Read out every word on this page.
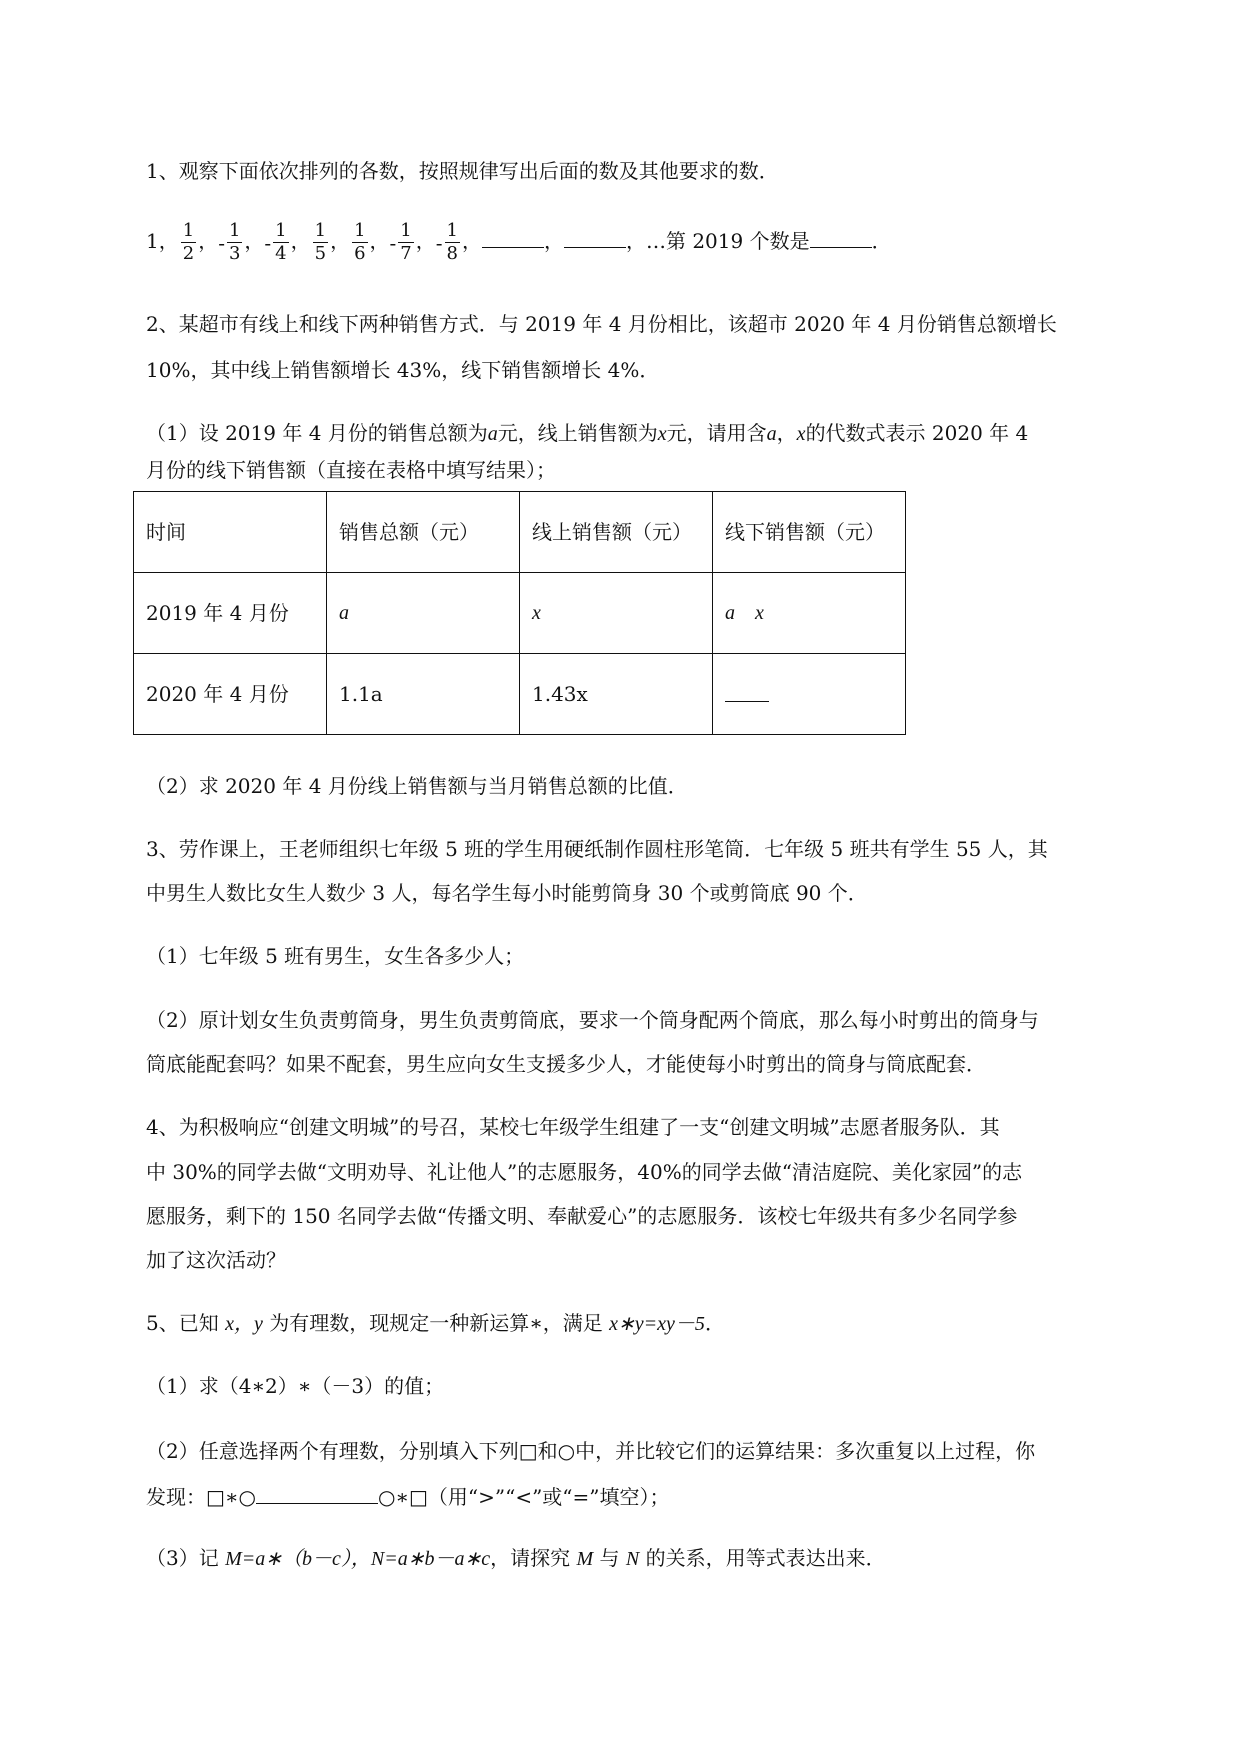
1、观察下面依次排列的各数，按照规律写出后面的数及其他要求的数．
1， $\frac{1}{2}$ ，- $\frac{1}{3}$ ，- $\frac{1}{4}$ ， $\frac{1}{5}$ ， $\frac{1}{6}$ ，- $\frac{1}{7}$ ，- $\frac{1}{8}$ ，	，	，…第 2019 个数是	．
2、某超市有线上和线下两种销售方式．与 2019 年 4 月份相比，该超市 2020 年 4 月份销售总额增长
10%，其中线上销售额增长 43%，线下销售额增长 4%．
（1）设 2019 年 4 月份的销售总额为a元，线上销售额为x元，请用含a，x的代数式表示 2020 年 4
月份的线下销售额（直接在表格中填写结果）；
时间	销售总额（元）	线上销售额（元）	线下销售额（元）
2019 年 4 月份	a	x	a　x
2020 年 4 月份	1.1a	1.43x	
（2）求 2020 年 4 月份线上销售额与当月销售总额的比值．
3、劳作课上，王老师组织七年级 5 班的学生用硬纸制作圆柱形笔筒．七年级 5 班共有学生 55 人，其
中男生人数比女生人数少 3 人，每名学生每小时能剪筒身 30 个或剪筒底 90 个．
（1）七年级 5 班有男生，女生各多少人；
（2）原计划女生负责剪筒身，男生负责剪筒底，要求一个筒身配两个筒底，那么每小时剪出的筒身与
筒底能配套吗？如果不配套，男生应向女生支援多少人，才能使每小时剪出的筒身与筒底配套．
4、为积极响应“创建文明城”的号召，某校七年级学生组建了一支“创建文明城”志愿者服务队．其
中 30%的同学去做“文明劝导、礼让他人”的志愿服务，40%的同学去做“清洁庭院、美化家园”的志
愿服务，剩下的 150 名同学去做“传播文明、奉献爱心”的志愿服务．该校七年级共有多少名同学参
加了这次活动？
5、已知 x，y 为有理数，现规定一种新运算∗，满足 x∗y=xy－5．
（1）求（4∗2）∗（－3）的值；
（2）任意选择两个有理数，分别填入下列□和○中，并比较它们的运算结果：多次重复以上过程，你
发现：□∗○	○∗□（用“>”“<”或“=”填空）；
（3）记 M=a∗（b－c），N=a∗b－a∗c，请探究 M 与 N 的关系，用等式表达出来．
